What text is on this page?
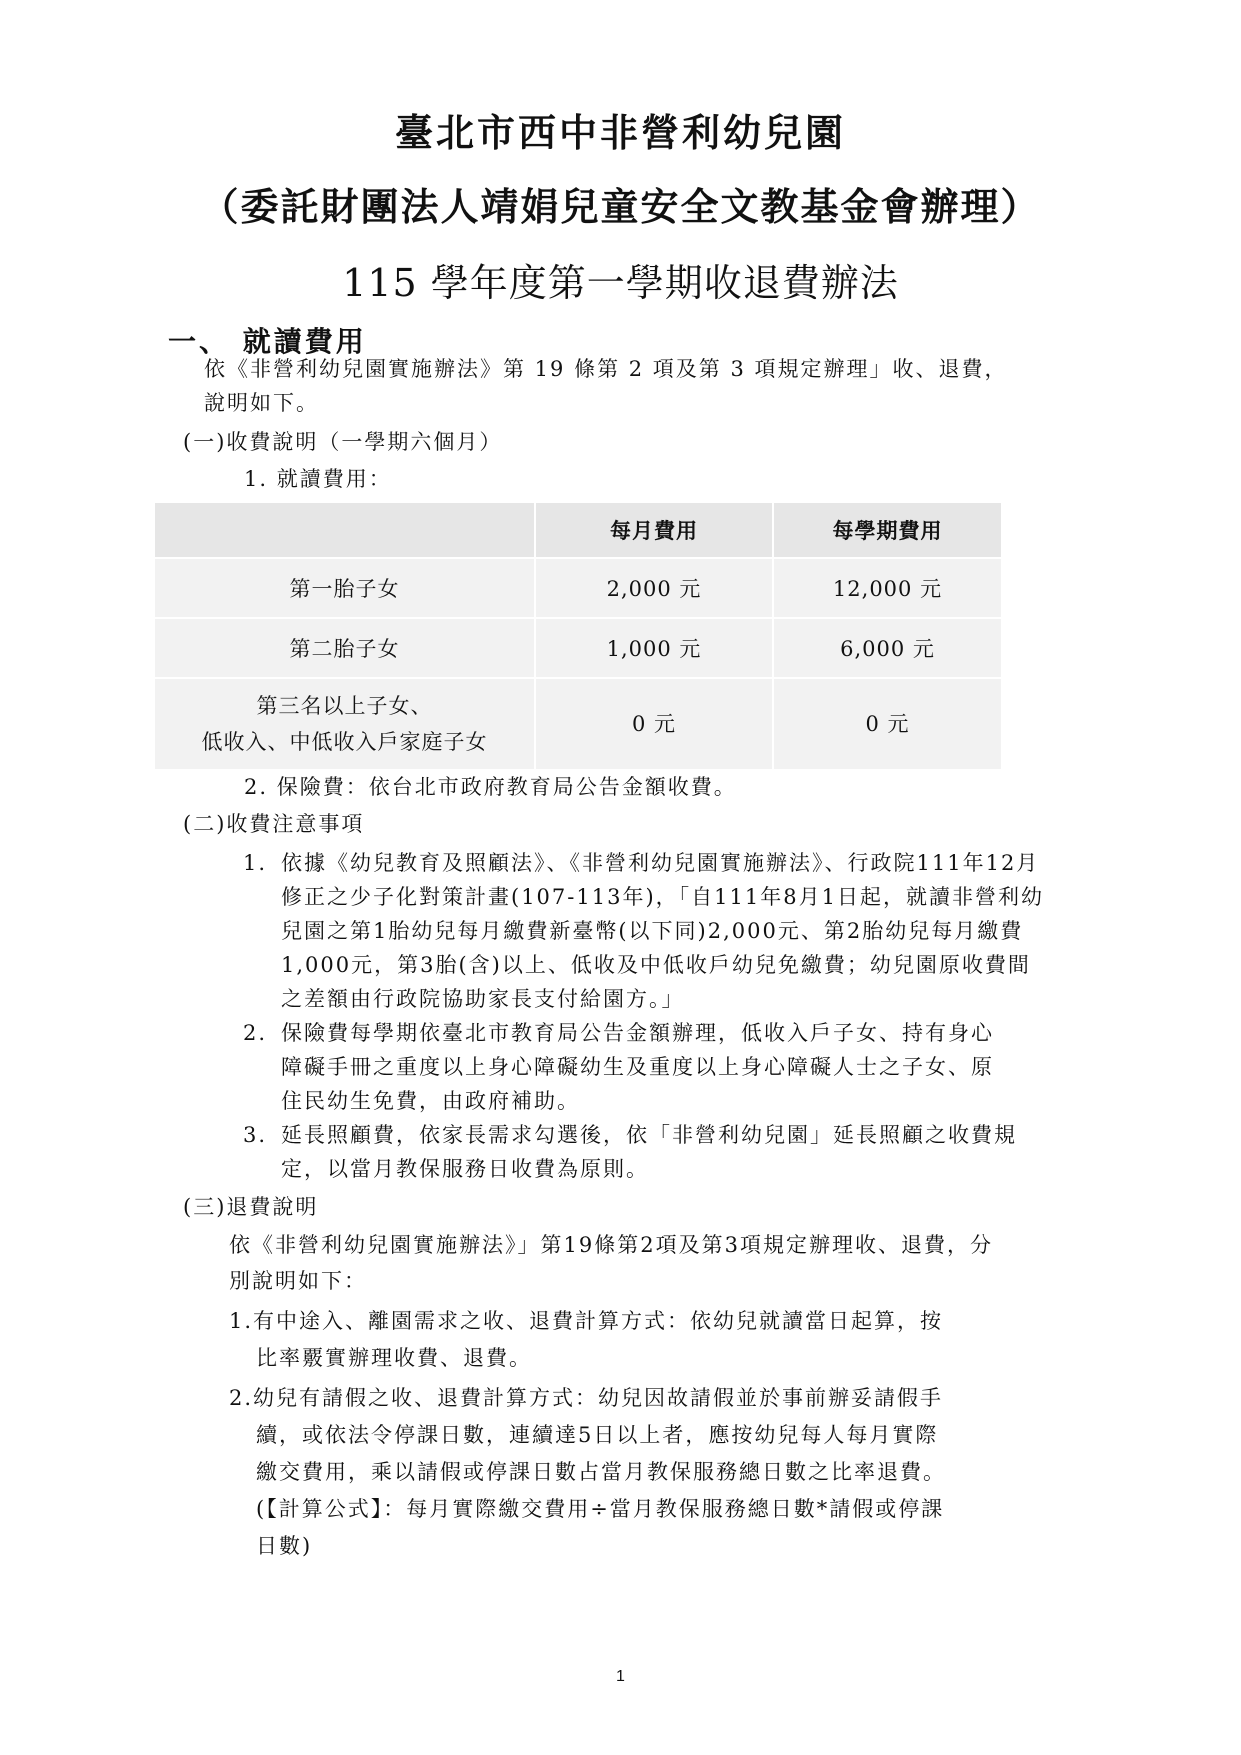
臺北市西中非營利幼兒園
（委託財團法人靖娟兒童安全文教基金會辦理）
115 學年度第一學期收退費辦法
一、 就讀費用
依《非營利幼兒園實施辦法》第 19 條第 2 項及第 3 項規定辦理」收、退費，
說明如下。
(一)收費說明（一學期六個月）
1. 就讀費用：
	每月費用	每學期費用
第一胎子女	2,000 元	12,000 元
第二胎子女	1,000 元	6,000 元

第三名以上子女、
低收入、中低收入戶家庭子女	0 元	0 元
2. 保險費：依台北市政府教育局公告金額收費。
(二)收費注意事項
1. 依據《幼兒教育及照顧法》、《非營利幼兒園實施辦法》、行政院111年12月
修正之少子化對策計畫(107-113年)，「自111年8月1日起，就讀非營利幼
兒園之第1胎幼兒每月繳費新臺幣(以下同)2,000元、第2胎幼兒每月繳費
1,000元，第3胎(含)以上、低收及中低收戶幼兒免繳費；幼兒園原收費間
之差額由行政院協助家長支付給園方。」
2. 保險費每學期依臺北市教育局公告金額辦理，低收入戶子女、持有身心
障礙手冊之重度以上身心障礙幼生及重度以上身心障礙人士之子女、原
住民幼生免費，由政府補助。
3. 延長照顧費，依家長需求勾選後，依「非營利幼兒園」延長照顧之收費規
定，以當月教保服務日收費為原則。
(三)退費說明
依《非營利幼兒園實施辦法》」第19條第2項及第3項規定辦理收、退費，分
別說明如下：
1.有中途入、離園需求之收、退費計算方式：依幼兒就讀當日起算，按
比率覈實辦理收費、退費。
2.幼兒有請假之收、退費計算方式：幼兒因故請假並於事前辦妥請假手
續，或依法令停課日數，連續達5日以上者，應按幼兒每人每月實際
繳交費用，乘以請假或停課日數占當月教保服務總日數之比率退費。
(【計算公式】：每月實際繳交費用÷當月教保服務總日數*請假或停課
日數)
1
